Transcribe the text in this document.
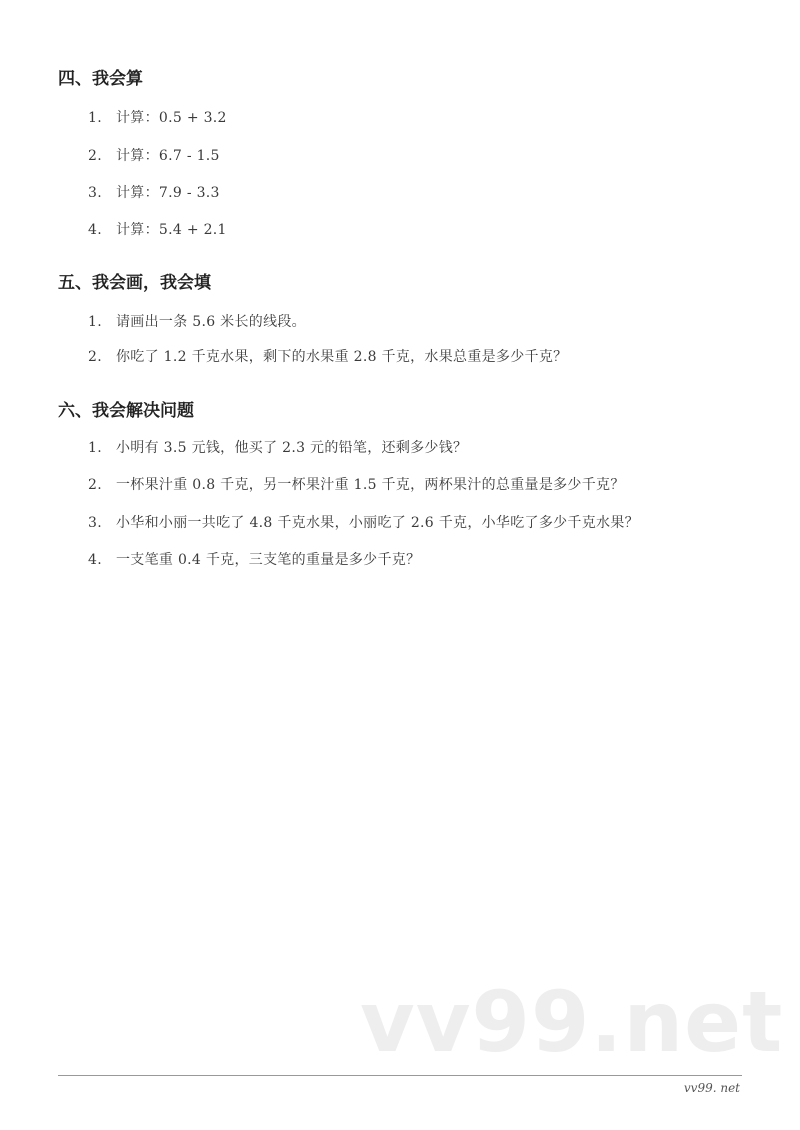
四、我会算
1. 计算：0.5 + 3.2
2. 计算：6.7 - 1.5
3. 计算：7.9 - 3.3
4. 计算：5.4 + 2.1
五、我会画，我会填
1. 请画出一条 5.6 米长的线段。
2. 你吃了 1.2 千克水果，剩下的水果重 2.8 千克，水果总重是多少千克？
六、我会解决问题
1. 小明有 3.5 元钱，他买了 2.3 元的铅笔，还剩多少钱？
2. 一杯果汁重 0.8 千克，另一杯果汁重 1.5 千克，两杯果汁的总重量是多少千克？
3. 小华和小丽一共吃了 4.8 千克水果，小丽吃了 2.6 千克，小华吃了多少千克水果？
4. 一支笔重 0.4 千克，三支笔的重量是多少千克？
vv99.net
vv99. net
